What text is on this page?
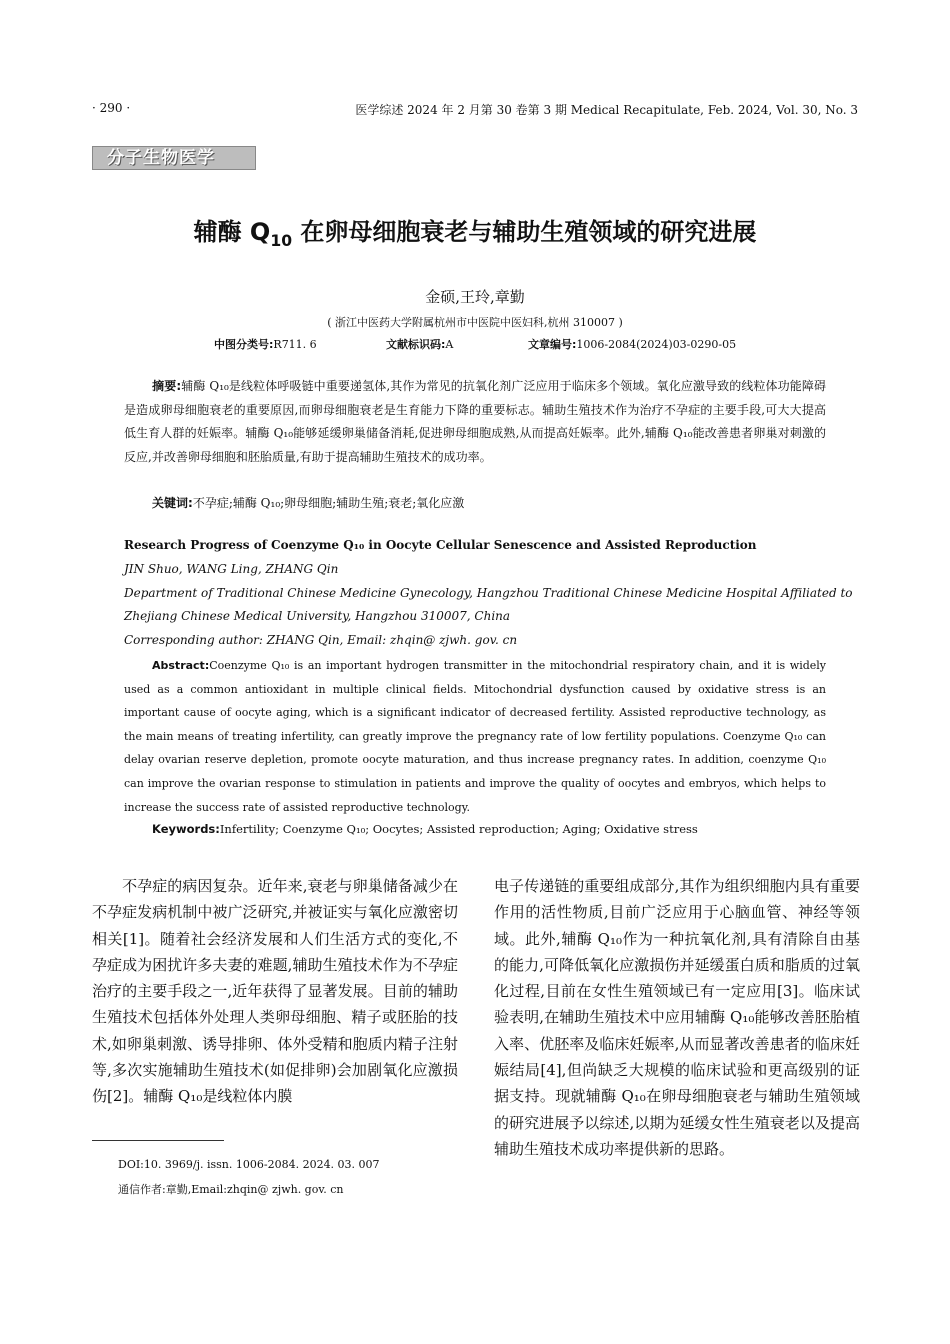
· 290 ·	医学综述 2024 年 2 月第 30 卷第 3 期 Medical Recapitulate, Feb. 2024, Vol. 30, No. 3
分子生物医学
辅酶 $Q_{10}$ 在卵母细胞衰老与辅助生殖领域的研究进展
金硕,王玲,章勤
( 浙江中医药大学附属杭州市中医院中医妇科,杭州 310007 )
中图分类号:R711. 6	文献标识码:A	文章编号:1006-2084(2024)03-0290-05
摘要:辅酶 Q₁₀是线粒体呼吸链中重要递氢体,其作为常见的抗氧化剂广泛应用于临床多个领域。氧化应激导致的线粒体功能障碍是造成卵母细胞衰老的重要原因,而卵母细胞衰老是生育能力下降的重要标志。辅助生殖技术作为治疗不孕症的主要手段,可大大提高低生育人群的妊娠率。辅酶 Q₁₀能够延缓卵巢储备消耗,促进卵母细胞成熟,从而提高妊娠率。此外,辅酶 Q₁₀能改善患者卵巢对刺激的反应,并改善卵母细胞和胚胎质量,有助于提高辅助生殖技术的成功率。
关键词:不孕症;辅酶 Q₁₀;卵母细胞;辅助生殖;衰老;氧化应激
Research Progress of Coenzyme Q₁₀ in Oocyte Cellular Senescence and Assisted Reproduction
JIN Shuo, WANG Ling, ZHANG Qin
Department of Traditional Chinese Medicine Gynecology, Hangzhou Traditional Chinese Medicine Hospital Affiliated to
Zhejiang Chinese Medical University, Hangzhou 310007, China
Corresponding author: ZHANG Qin, Email: zhqin@ zjwh. gov. cn
Abstract:Coenzyme Q₁₀ is an important hydrogen transmitter in the mitochondrial respiratory chain, and it is widely used as a common antioxidant in multiple clinical fields. Mitochondrial dysfunction caused by oxidative stress is an important cause of oocyte aging, which is a significant indicator of decreased fertility. Assisted reproductive technology, as the main means of treating infertility, can greatly improve the pregnancy rate of low fertility populations. Coenzyme Q₁₀ can delay ovarian reserve depletion, promote oocyte maturation, and thus increase pregnancy rates. In addition, coenzyme Q₁₀ can improve the ovarian response to stimulation in patients and improve the quality of oocytes and embryos, which helps to increase the success rate of assisted reproductive technology.
Keywords:Infertility; Coenzyme Q₁₀; Oocytes; Assisted reproduction; Aging; Oxidative stress
　　不孕症的病因复杂。近年来,衰老与卵巢储备减少在不孕症发病机制中被广泛研究,并被证实与氧化应激密切相关[1]。随着社会经济发展和人们生活方式的变化,不孕症成为困扰许多夫妻的难题,辅助生殖技术作为不孕症治疗的主要手段之一,近年获得了显著发展。目前的辅助生殖技术包括体外处理人类卵母细胞、精子或胚胎的技术,如卵巢刺激、诱导排卵、体外受精和胞质内精子注射等,多次实施辅助生殖技术(如促排卵)会加剧氧化应激损伤[2]。辅酶 Q₁₀是线粒体内膜
电子传递链的重要组成部分,其作为组织细胞内具有重要作用的活性物质,目前广泛应用于心脑血管、神经等领域。此外,辅酶 Q₁₀作为一种抗氧化剂,具有清除自由基的能力,可降低氧化应激损伤并延缓蛋白质和脂质的过氧化过程,目前在女性生殖领域已有一定应用[3]。临床试验表明,在辅助生殖技术中应用辅酶 Q₁₀能够改善胚胎植入率、优胚率及临床妊娠率,从而显著改善患者的临床妊娠结局[4],但尚缺乏大规模的临床试验和更高级别的证据支持。现就辅酶 Q₁₀在卵母细胞衰老与辅助生殖领域的研究进展予以综述,以期为延缓女性生殖衰老以及提高辅助生殖技术成功率提供新的思路。
DOI:10. 3969/j. issn. 1006-2084. 2024. 03. 007
通信作者:章勤,Email:zhqin@ zjwh. gov. cn
